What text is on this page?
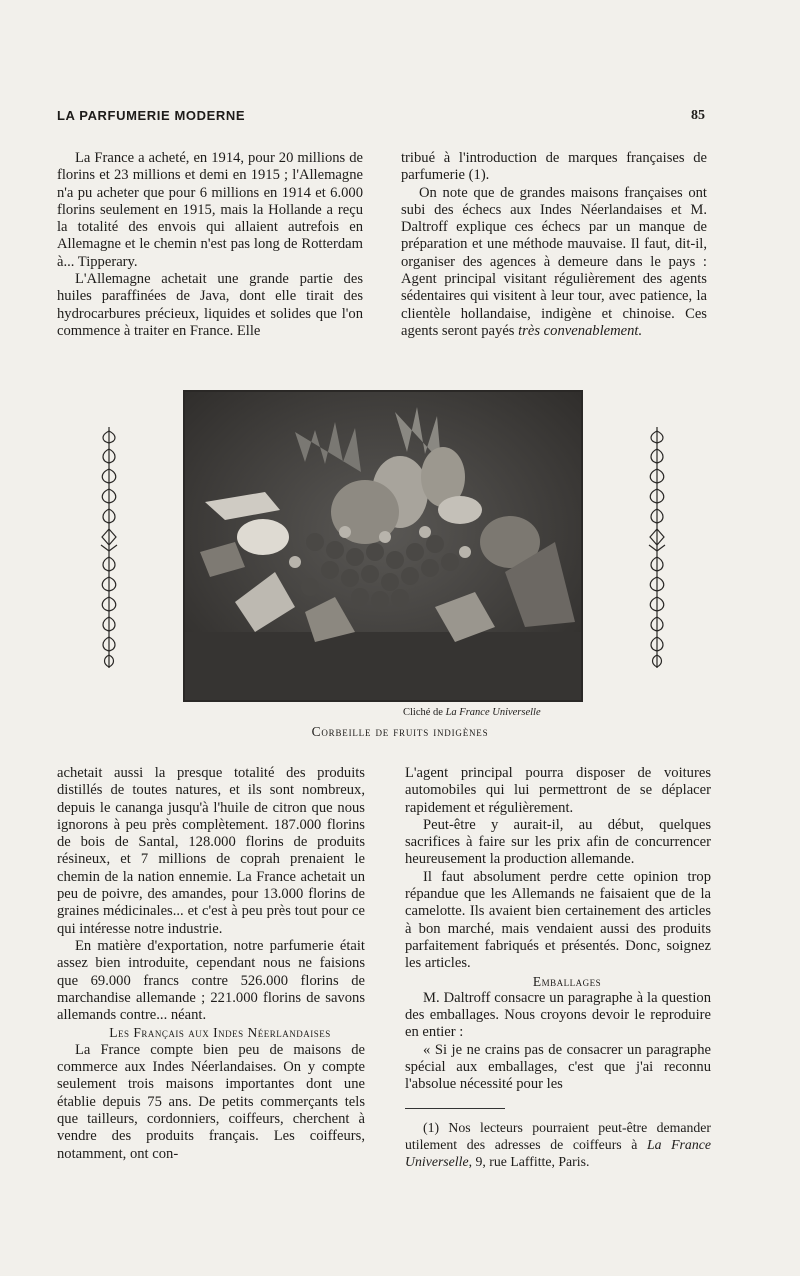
LA PARFUMERIE MODERNE	85

La France a acheté, en 1914, pour 20 millions de florins et 23 millions et demi en 1915 ; l'Allemagne n'a pu acheter que pour 6 millions en 1914 et 6.000 florins seulement en 1915, mais la Hollande a reçu la totalité des envois qui allaient autrefois en Allemagne et le chemin n'est pas long de Rotterdam à... Tipperary.

L'Allemagne achetait une grande partie des huiles paraffinées de Java, dont elle tirait des hydrocarbures précieux, liquides et solides que l'on commence à traiter en France. Elle

tribué à l'introduction de marques françaises de parfumerie (1).

On note que de grandes maisons françaises ont subi des échecs aux Indes Néerlandaises et M. Daltroff explique ces échecs par un manque de préparation et une méthode mauvaise. Il faut, dit-il, organiser des agences à demeure dans le pays : Agent principal visitant régulièrement des agents sédentaires qui visitent à leur tour, avec patience, la clientèle hollandaise, indigène et chinoise. Ces agents seront payés très convenablement.

Cliché de La France Universelle
Corbeille de fruits indigènes

achetait aussi la presque totalité des produits distillés de toutes natures, et ils sont nombreux, depuis le cananga jusqu'à l'huile de citron que nous ignorons à peu près complètement. 187.000 florins de bois de Santal, 128.000 florins de produits résineux, et 7 millions de coprah prenaient le chemin de la nation ennemie. La France achetait un peu de poivre, des amandes, pour 13.000 florins de graines médicinales... et c'est à peu près tout pour ce qui intéresse notre industrie.

En matière d'exportation, notre parfumerie était assez bien introduite, cependant nous ne faisions que 69.000 francs contre 526.000 florins de marchandise allemande ; 221.000 florins de savons allemands contre... néant.

Les Français aux Indes Néerlandaises

La France compte bien peu de maisons de commerce aux Indes Néerlandaises. On y compte seulement trois maisons importantes dont une établie depuis 75 ans. De petits commerçants tels que tailleurs, cordonniers, coiffeurs, cherchent à vendre des produits français. Les coiffeurs, notamment, ont con-

L'agent principal pourra disposer de voitures automobiles qui lui permettront de se déplacer rapidement et régulièrement.

Peut-être y aurait-il, au début, quelques sacrifices à faire sur les prix afin de concurrencer heureusement la production allemande.

Il faut absolument perdre cette opinion trop répandue que les Allemands ne faisaient que de la camelotte. Ils avaient bien certainement des articles à bon marché, mais vendaient aussi des produits parfaitement fabriqués et présentés. Donc, soignez les articles.

Emballages

M. Daltroff consacre un paragraphe à la question des emballages. Nous croyons devoir le reproduire en entier :

« Si je ne crains pas de consacrer un paragraphe spécial aux emballages, c'est que j'ai reconnu l'absolue nécessité pour les

(1) Nos lecteurs pourraient peut-être demander utilement des adresses de coiffeurs à La France Universelle, 9, rue Laffitte, Paris.
